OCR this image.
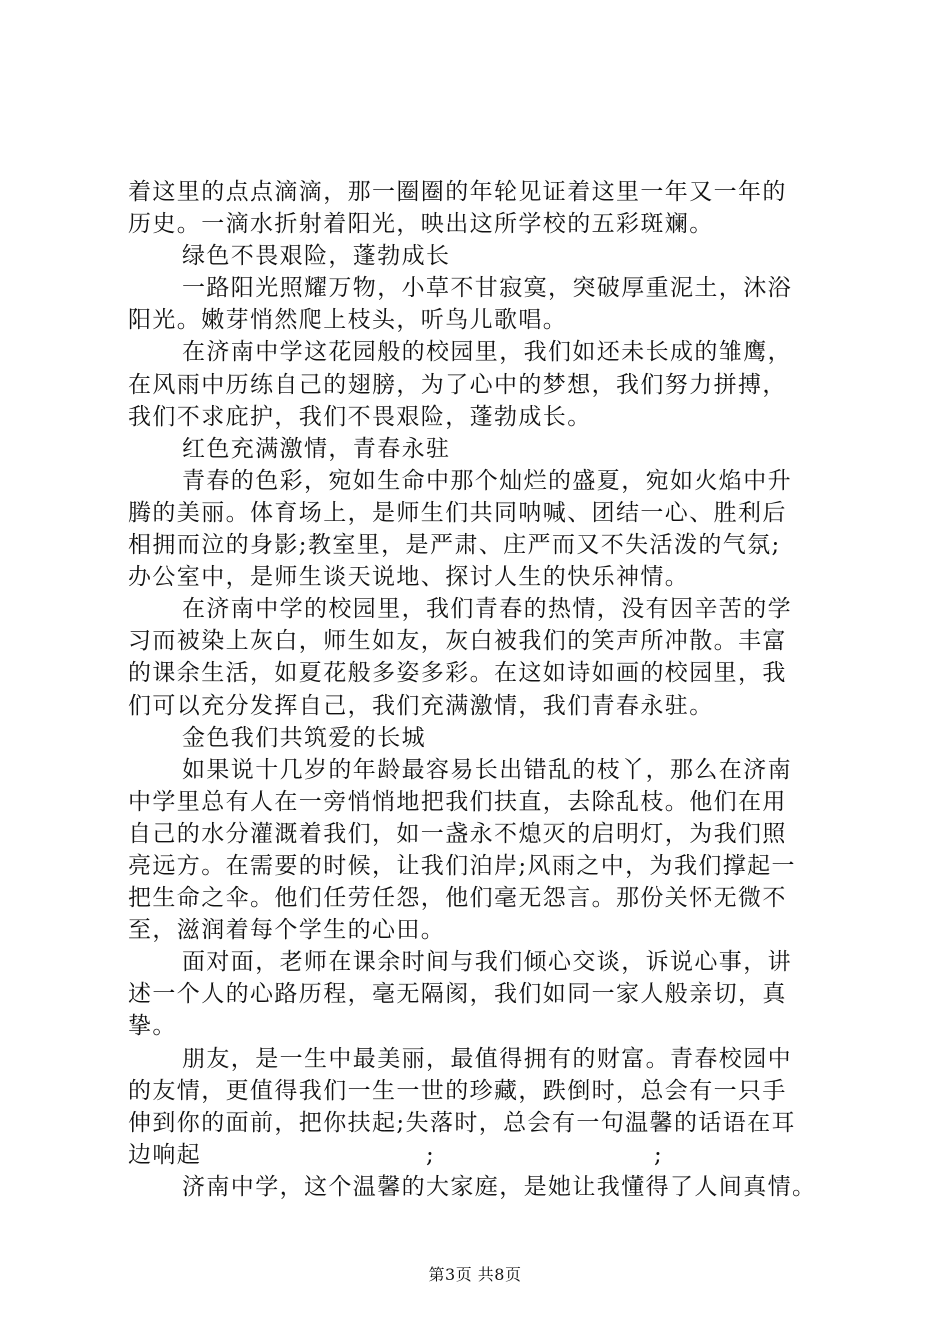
着这里的点点滴滴，那一圈圈的年轮见证着这里一年又一年的
历史。一滴水折射着阳光，映出这所学校的五彩斑斓。
绿色不畏艰险，蓬勃成长
一路阳光照耀万物，小草不甘寂寞，突破厚重泥土，沐浴
阳光。嫩芽悄然爬上枝头，听鸟儿歌唱。
在济南中学这花园般的校园里，我们如还未长成的雏鹰，
在风雨中历练自己的翅膀，为了心中的梦想，我们努力拼搏，
我们不求庇护，我们不畏艰险，蓬勃成长。
红色充满激情，青春永驻
青春的色彩，宛如生命中那个灿烂的盛夏，宛如火焰中升
腾的美丽。体育场上，是师生们共同呐喊、团结一心、胜利后
相拥而泣的身影;教室里，是严肃、庄严而又不失活泼的气氛;
办公室中，是师生谈天说地、探讨人生的快乐神情。
在济南中学的校园里，我们青春的热情，没有因辛苦的学
习而被染上灰白，师生如友，灰白被我们的笑声所冲散。丰富
的课余生活，如夏花般多姿多彩。在这如诗如画的校园里，我
们可以充分发挥自己，我们充满激情，我们青春永驻。
金色我们共筑爱的长城
如果说十几岁的年龄最容易长出错乱的枝丫，那么在济南
中学里总有人在一旁悄悄地把我们扶直，去除乱枝。他们在用
自己的水分灌溉着我们，如一盏永不熄灭的启明灯，为我们照
亮远方。在需要的时候，让我们泊岸;风雨之中，为我们撑起一
把生命之伞。他们任劳任怨，他们毫无怨言。那份关怀无微不
至，滋润着每个学生的心田。
面对面，老师在课余时间与我们倾心交谈，诉说心事，讲
述一个人的心路历程，毫无隔阂，我们如同一家人般亲切，真
挚。
朋友，是一生中最美丽，最值得拥有的财富。青春校园中
的友情，更值得我们一生一世的珍藏，跌倒时，总会有一只手
伸到你的面前，把你扶起;失落时，总会有一句温馨的话语在耳
边响起	;	;
济南中学，这个温馨的大家庭，是她让我懂得了人间真情。
第3页 共8页
